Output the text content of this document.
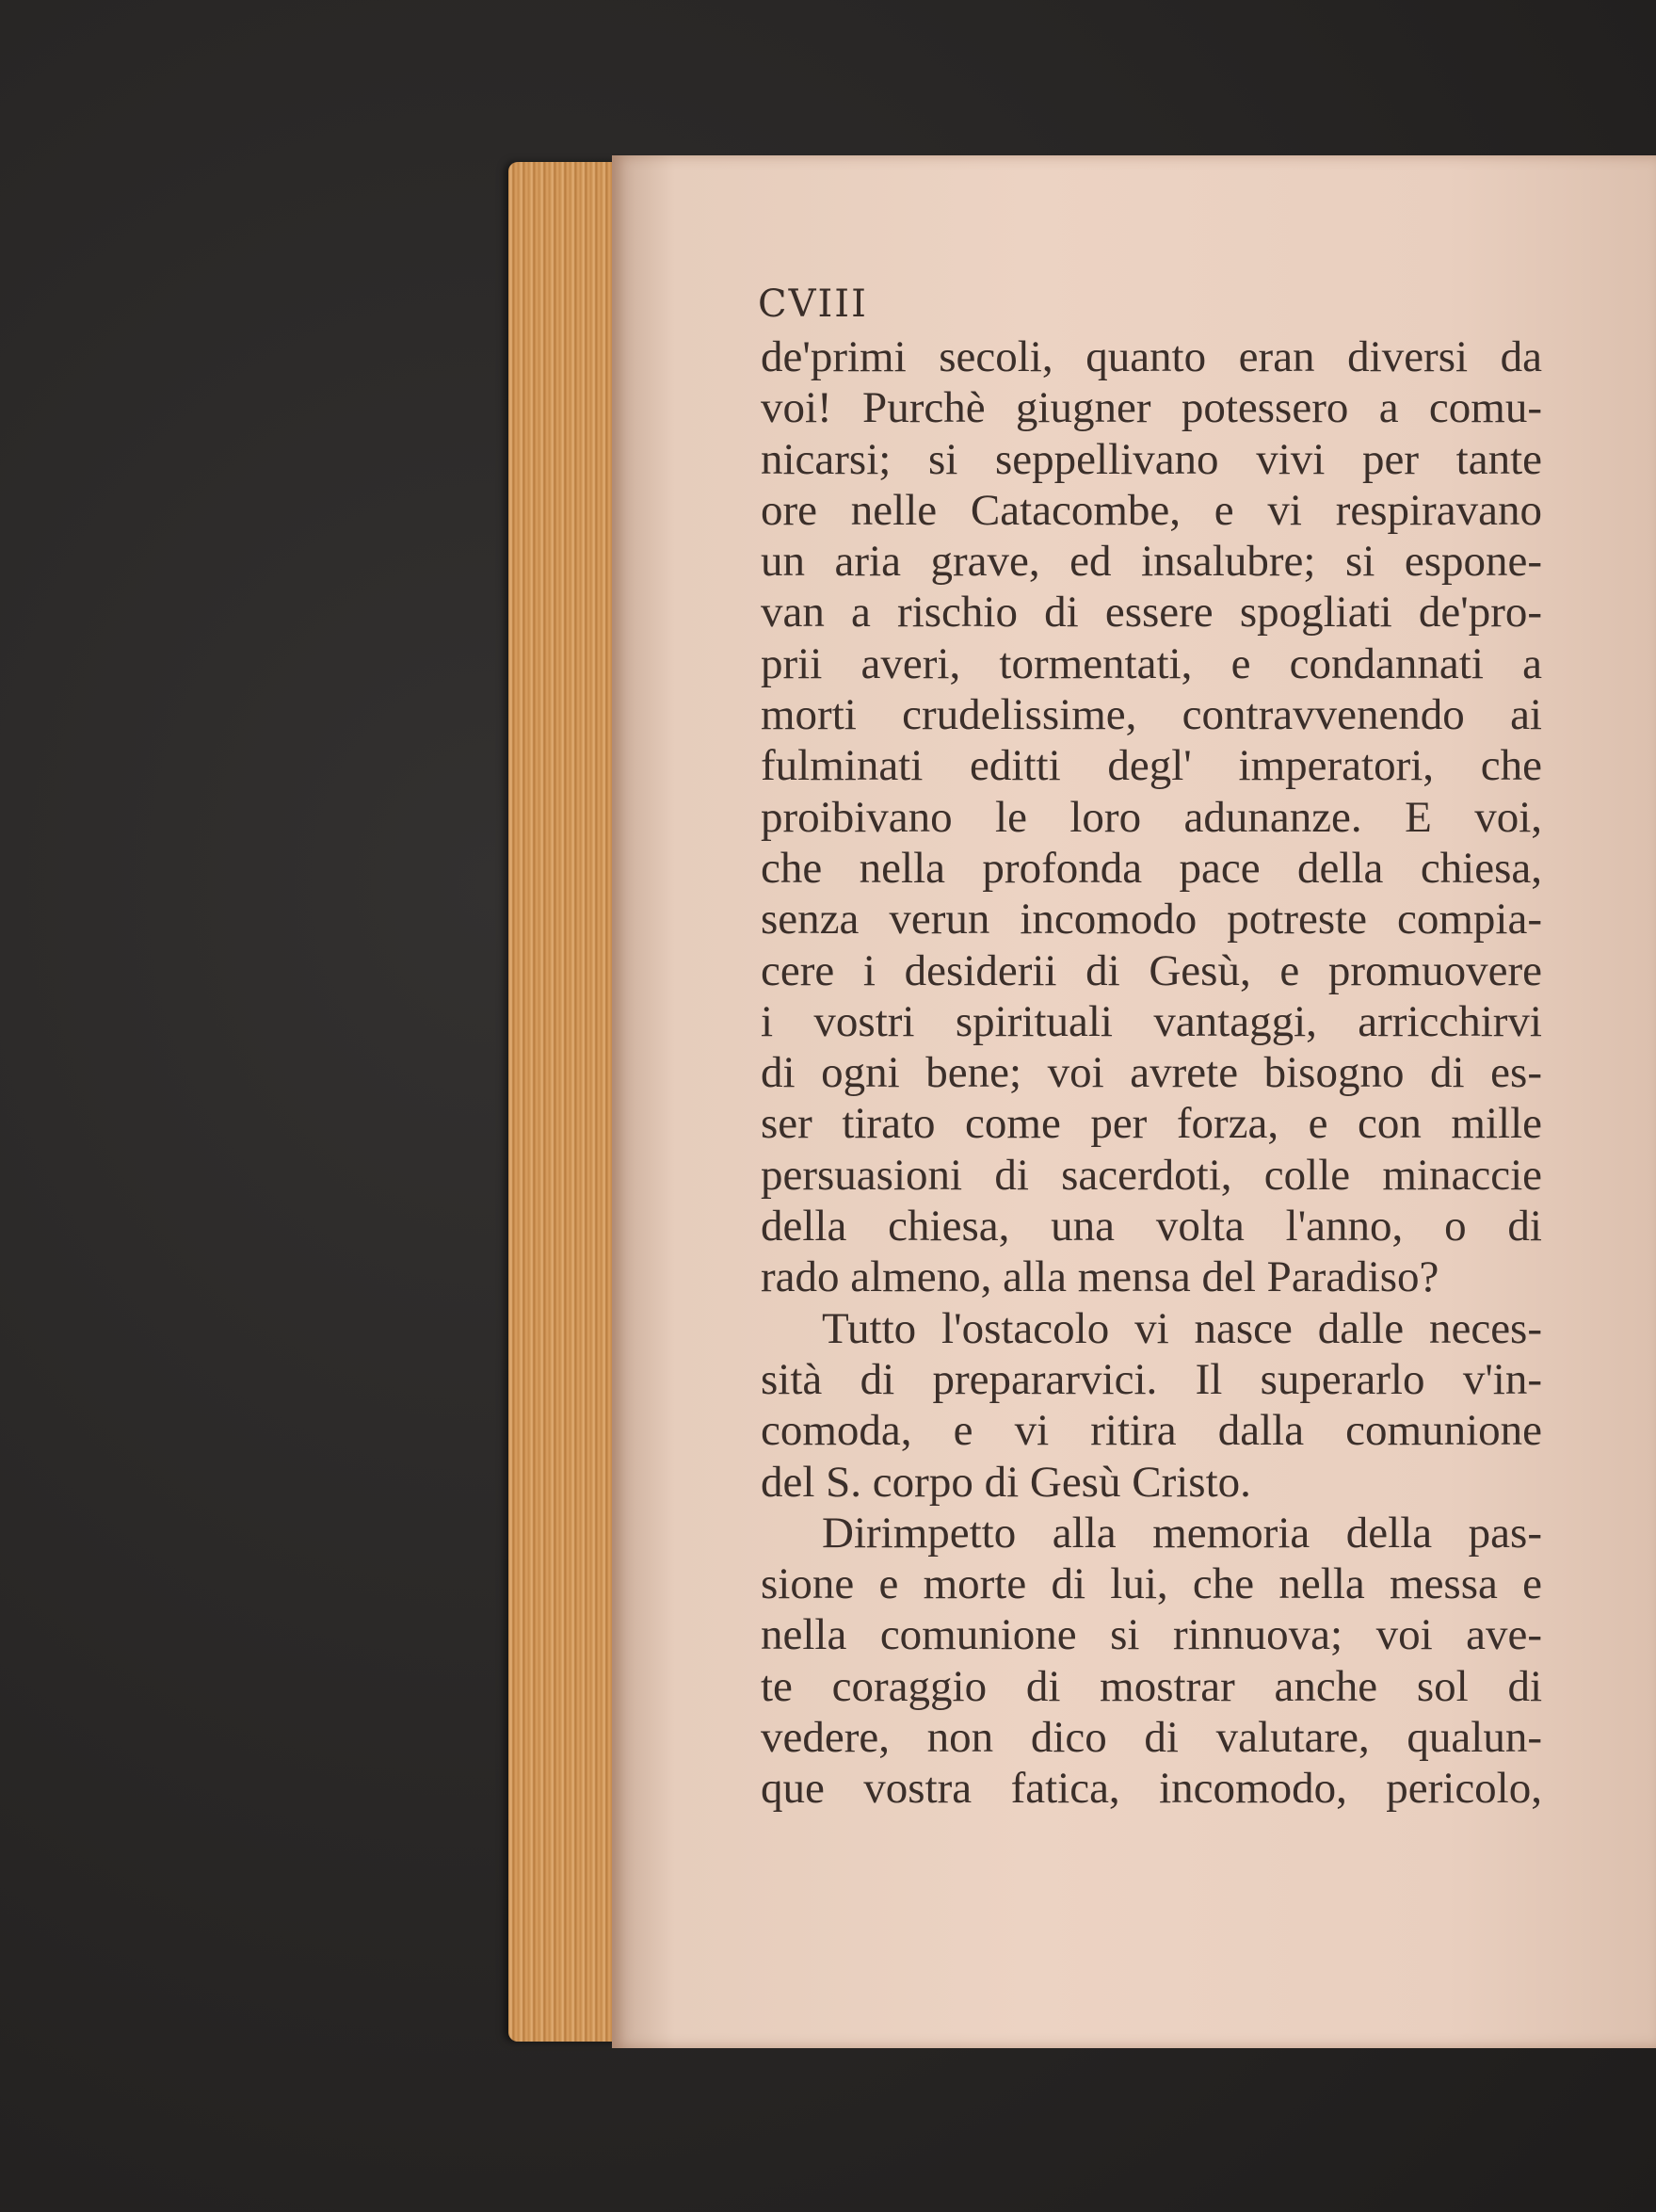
CVIII
de'primi secoli, quanto eran diversi da
voi! Purchè giugner potessero a comu-
nicarsi; si seppellivano vivi per tante
ore nelle Catacombe, e vi respiravano
un aria grave, ed insalubre; si espone-
van a rischio di essere spogliati de'pro-
prii averi, tormentati, e condannati a
morti crudelissime, contravvenendo ai
fulminati editti degl' imperatori, che
proibivano le loro adunanze. E voi,
che nella profonda pace della chiesa,
senza verun incomodo potreste compia-
cere i desiderii di Gesù, e promuovere
i vostri spirituali vantaggi, arricchirvi
di ogni bene; voi avrete bisogno di es-
ser tirato come per forza, e con mille
persuasioni di sacerdoti, colle minaccie
della chiesa, una volta l'anno, o di
rado almeno, alla mensa del Paradiso?
Tutto l'ostacolo vi nasce dalle neces-
sità di prepararvici. Il superarlo v'in-
comoda, e vi ritira dalla comunione
del S. corpo di Gesù Cristo.
Dirimpetto alla memoria della pas-
sione e morte di lui, che nella messa e
nella comunione si rinnuova; voi ave-
te coraggio di mostrar anche sol di
vedere, non dico di valutare, qualun-
que vostra fatica, incomodo, pericolo,
